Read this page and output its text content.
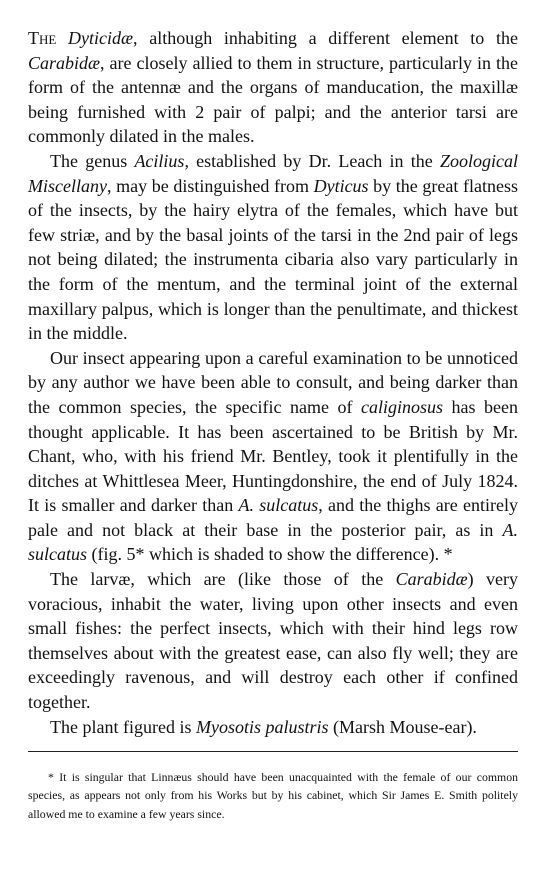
The Dyticidæ, although inhabiting a different element to the Carabidæ, are closely allied to them in structure, particularly in the form of the antennæ and the organs of manducation, the maxillæ being furnished with 2 pair of palpi; and the anterior tarsi are commonly dilated in the males.

The genus Acilius, established by Dr. Leach in the Zoological Miscellany, may be distinguished from Dyticus by the great flatness of the insects, by the hairy elytra of the females, which have but few striæ, and by the basal joints of the tarsi in the 2nd pair of legs not being dilated; the instrumenta cibaria also vary particularly in the form of the mentum, and the terminal joint of the external maxillary palpus, which is longer than the penultimate, and thickest in the middle.

Our insect appearing upon a careful examination to be unnoticed by any author we have been able to consult, and being darker than the common species, the specific name of caliginosus has been thought applicable. It has been ascertained to be British by Mr. Chant, who, with his friend Mr. Bentley, took it plentifully in the ditches at Whittlesea Meer, Huntingdonshire, the end of July 1824. It is smaller and darker than A. sulcatus, and the thighs are entirely pale and not black at their base in the posterior pair, as in A. sulcatus (fig. 5* which is shaded to show the difference). *

The larvæ, which are (like those of the Carabidæ) very voracious, inhabit the water, living upon other insects and even small fishes: the perfect insects, which with their hind legs row themselves about with the greatest ease, can also fly well; they are exceedingly ravenous, and will destroy each other if confined together.

The plant figured is Myosotis palustris (Marsh Mouse-ear).

* It is singular that Linnæus should have been unacquainted with the female of our common species, as appears not only from his Works but by his cabinet, which Sir James E. Smith politely allowed me to examine a few years since.
